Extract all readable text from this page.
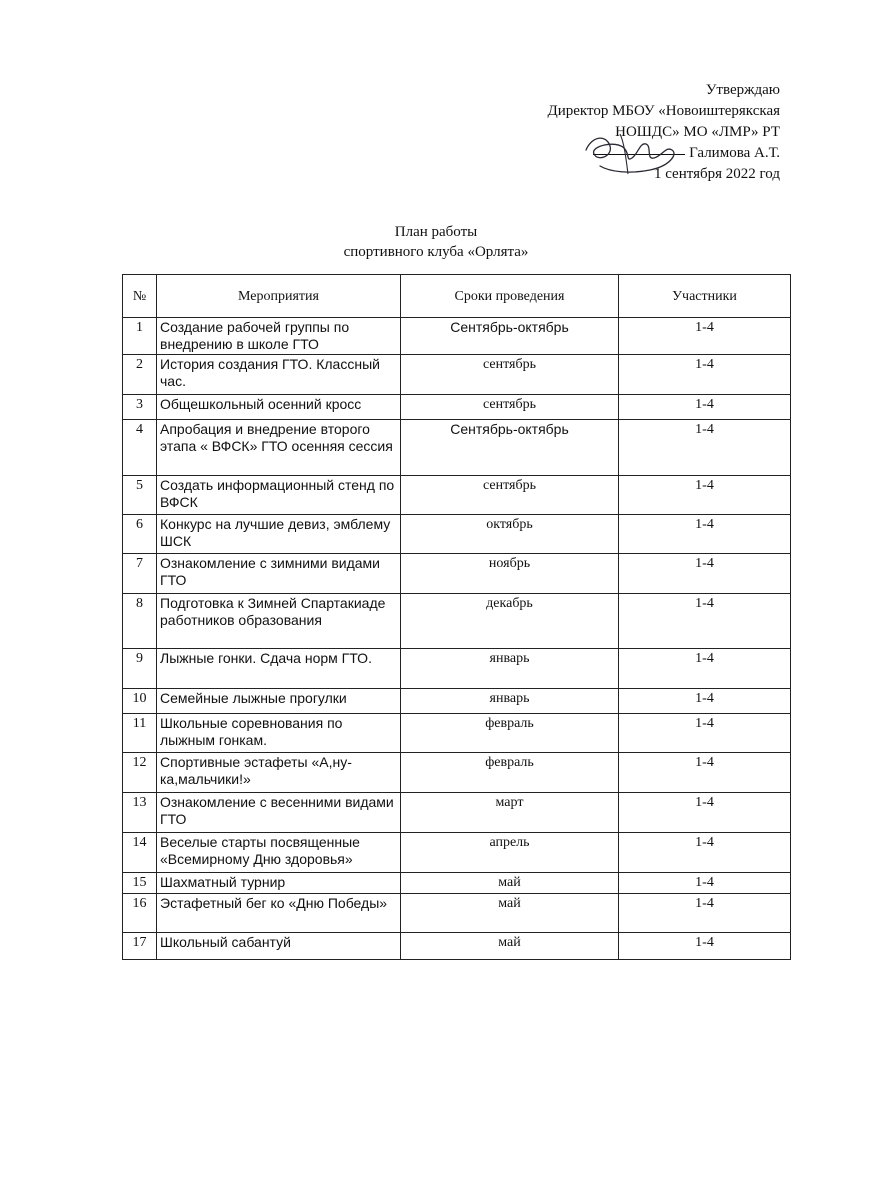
Утверждаю
Директор МБОУ «Новоиштерякская
НОШДС» МО «ЛМР» РТ
Галимова А.Т.
1 сентября 2022 год
План работы
спортивного клуба «Орлята»
№	Мероприятия	Сроки проведения	Участники
1	Создание рабочей группы по внедрению в школе ГТО	Сентябрь-октябрь	1-4
2	История создания ГТО. Классный час.	сентябрь	1-4
3	Общешкольный осенний кросс	сентябрь	1-4
4	Апробация и внедрение второго этапа « ВФСК» ГТО осенняя сессия	Сентябрь-октябрь	1-4
5	Создать информационный стенд по ВФСК	сентябрь	1-4
6	Конкурс на лучшие девиз, эмблему ШСК	октябрь	1-4
7	Ознакомление с зимними видами ГТО	ноябрь	1-4
8	Подготовка к Зимней Спартакиаде работников образования	декабрь	1-4
9	Лыжные гонки. Сдача норм ГТО.	январь	1-4
10	Семейные лыжные прогулки	январь	1-4
11	Школьные соревнования по лыжным гонкам.	февраль	1-4
12	Спортивные эстафеты «А,ну-ка,мальчики!»	февраль	1-4
13	Ознакомление с весенними видами ГТО	март	1-4
14	Веселые старты посвященные «Всемирному Дню здоровья»	апрель	1-4
15	Шахматный турнир	май	1-4
16	Эстафетный бег ко «Дню Победы»	май	1-4
17	Школьный сабантуй	май	1-4
